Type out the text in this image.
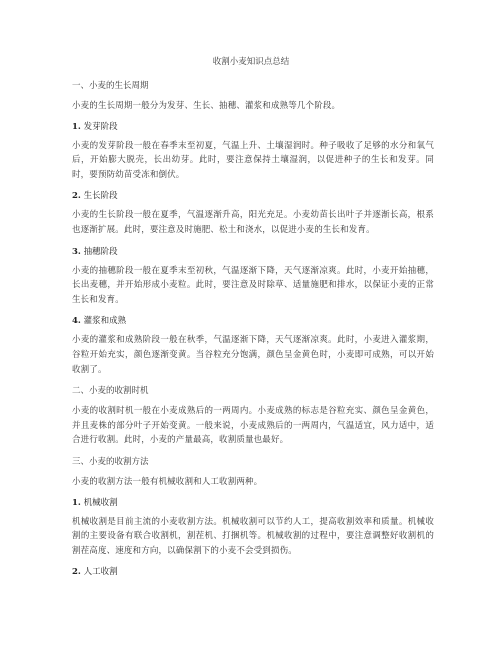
收割小麦知识点总结
一、小麦的生长周期
小麦的生长周期一般分为发芽、生长、抽穗、灌浆和成熟等几个阶段。
1. 发芽阶段
小麦的发芽阶段一般在春季末至初夏，气温上升、土壤湿润时。种子吸收了足够的水分和氧气后，开始膨大脱壳，长出幼芽。此时，要注意保持土壤湿润，以促进种子的生长和发芽。同时，要预防幼苗受冻和倒伏。
2. 生长阶段
小麦的生长阶段一般在夏季，气温逐渐升高，阳光充足。小麦幼苗长出叶子并逐渐长高，根系也逐渐扩展。此时，要注意及时施肥、松土和浇水，以促进小麦的生长和发育。
3. 抽穗阶段
小麦的抽穗阶段一般在夏季末至初秋，气温逐渐下降，天气逐渐凉爽。此时，小麦开始抽穗，长出麦穗，并开始形成小麦粒。此时，要注意及时除草、适量施肥和排水，以保证小麦的正常生长和发育。
4. 灌浆和成熟
小麦的灌浆和成熟阶段一般在秋季，气温逐渐下降，天气逐渐凉爽。此时，小麦进入灌浆期，谷粒开始充实，颜色逐渐变黄。当谷粒充分饱满，颜色呈金黄色时，小麦即可成熟，可以开始收割了。
二、小麦的收割时机
小麦的收割时机一般在小麦成熟后的一两周内。小麦成熟的标志是谷粒充实、颜色呈金黄色，并且麦株的部分叶子开始变黄。一般来说，小麦成熟后的一两周内，气温适宜，风力适中，适合进行收割。此时，小麦的产量最高，收割质量也最好。
三、小麦的收割方法
小麦的收割方法一般有机械收割和人工收割两种。
1. 机械收割
机械收割是目前主流的小麦收割方法。机械收割可以节约人工，提高收割效率和质量。机械收割的主要设备有联合收割机，割茬机、打捆机等。机械收割的过程中，要注意调整好收割机的割茬高度、速度和方向，以确保割下的小麦不会受到损伤。
2. 人工收割
